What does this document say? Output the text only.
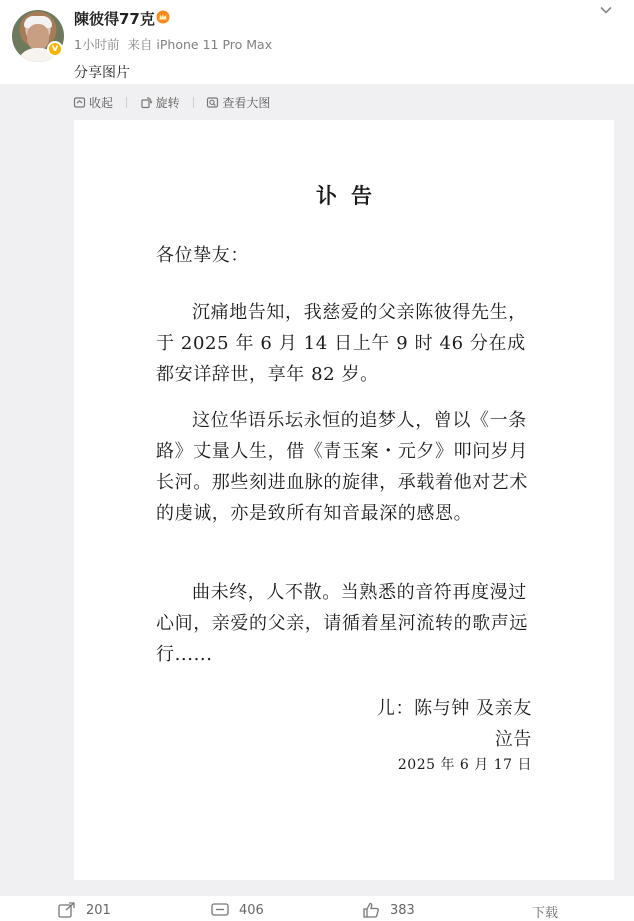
v
陳彼得77克
1小时前 来自 iPhone 11 Pro Max
分享图片
收起
	旋转
	查看大图
讣告
各位挚友：
沉痛地告知，我慈爱的父亲陈彼得先生，于 2025 年 6 月 14 日上午 9 时 46 分在成都安详辞世，享年 82 岁。
这位华语乐坛永恒的追梦人，曾以《一条路》丈量人生，借《青玉案・元夕》叩问岁月长河。那些刻进血脉的旋律，承载着他对艺术的虔诚，亦是致所有知音最深的感恩。
曲未终，人不散。当熟悉的音符再度漫过心间，亲爱的父亲，请循着星河流转的歌声远行......
儿：陈与钟 及亲友
泣告
2025 年 6 月 17 日
201	406	383	下载
